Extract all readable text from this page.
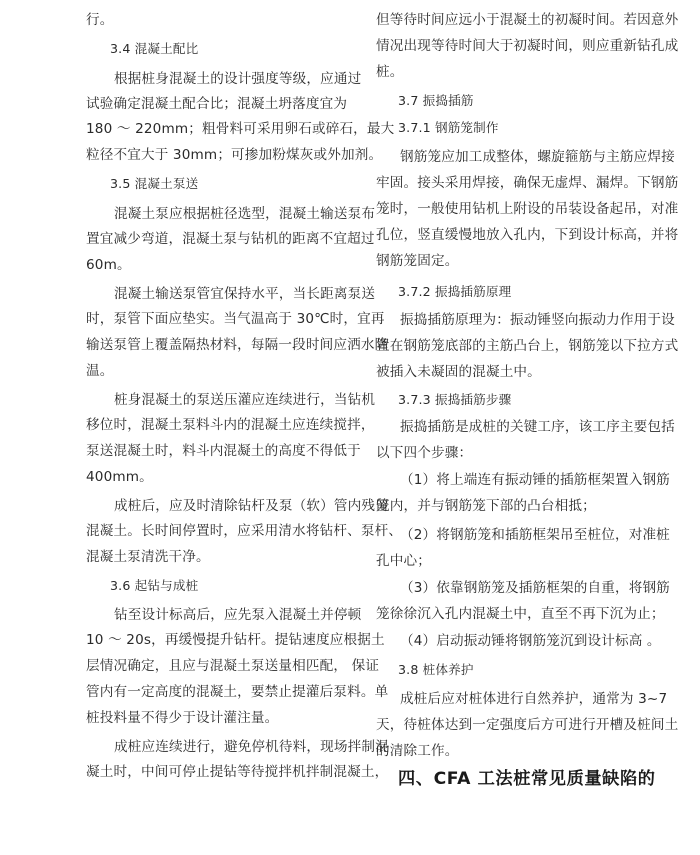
行。
3.4 混凝土配比
根据桩身混凝土的设计强度等级，应通过
试验确定混凝土配合比；混凝土坍落度宜为
180 ～ 220mm；粗骨料可采用卵石或碎石，最大
粒径不宜大于 30mm；可掺加粉煤灰或外加剂。
3.5 混凝土泵送
混凝土泵应根据桩径选型，混凝土输送泵布
置宜减少弯道，混凝土泵与钻机的距离不宜超过
60m。
混凝土输送泵管宜保持水平，当长距离泵送
时，泵管下面应垫实。当气温高于 30℃时，宜再
输送泵管上覆盖隔热材料，每隔一段时间应洒水降
温。
桩身混凝土的泵送压灌应连续进行，当钻机
移位时，混凝土泵料斗内的混凝土应连续搅拌，
泵送混凝土时，料斗内混凝土的高度不得低于
400mm。
成桩后，应及时清除钻杆及泵（软）管内残留
混凝土。长时间停置时，应采用清水将钻杆、泵杆、
混凝土泵清洗干净。
3.6 起钻与成桩
钻至设计标高后，应先泵入混凝土并停顿
10 ～ 20s，再缓慢提升钻杆。提钻速度应根据土
层情况确定，且应与混凝土泵送量相匹配， 保证
管内有一定高度的混凝土，要禁止提灌后泵料。单
桩投料量不得少于设计灌注量。
成桩应连续进行，避免停机待料，现场拌制混
凝土时，中间可停止提钻等待搅拌机拌制混凝土，
但等待时间应远小于混凝土的初凝时间。若因意外
情况出现等待时间大于初凝时间，则应重新钻孔成
桩。
3.7 振捣插筋
3.7.1 钢筋笼制作
钢筋笼应加工成整体，螺旋箍筋与主筋应焊接
牢固。接头采用焊接，确保无虚焊、漏焊。下钢筋
笼时，一般使用钻机上附设的吊装设备起吊，对准
孔位，竖直缓慢地放入孔内，下到设计标高，并将
钢筋笼固定。
3.7.2 振捣插筋原理
振捣插筋原理为：振动锤竖向振动力作用于设
置在钢筋笼底部的主筋凸台上，钢筋笼以下拉方式
被插入未凝固的混凝土中。
3.7.3 振捣插筋步骤
振捣插筋是成桩的关键工序，该工序主要包括
以下四个步骤：
（1）将上端连有振动锤的插筋框架置入钢筋
笼内，并与钢筋笼下部的凸台相抵；
（2）将钢筋笼和插筋框架吊至桩位，对准桩
孔中心；
（3）依靠钢筋笼及插筋框架的自重，将钢筋
笼徐徐沉入孔内混凝土中，直至不再下沉为止；
（4）启动振动锤将钢筋笼沉到设计标高 。
3.8 桩体养护
成桩后应对桩体进行自然养护，通常为 3~7
天，待桩体达到一定强度后方可进行开槽及桩间土
的清除工作。
四、CFA 工法桩常见质量缺陷的
